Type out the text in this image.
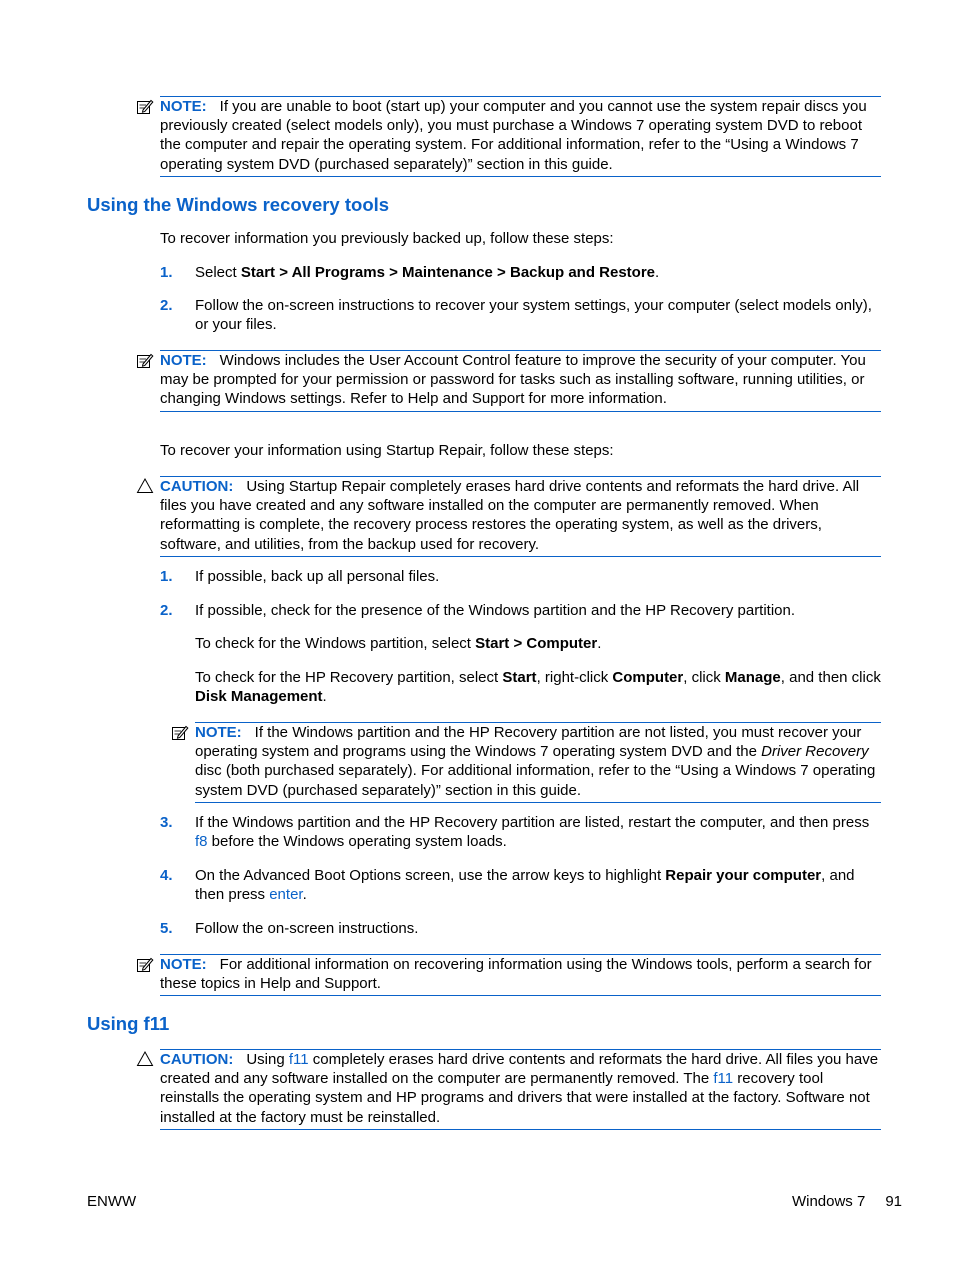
NOTE: If you are unable to boot (start up) your computer and you cannot use the system repair discs you previously created (select models only), you must purchase a Windows 7 operating system DVD to reboot the computer and repair the operating system. For additional information, refer to the “Using a Windows 7 operating system DVD (purchased separately)” section in this guide.
Using the Windows recovery tools
To recover information you previously backed up, follow these steps:
1. Select Start > All Programs > Maintenance > Backup and Restore.
2. Follow the on-screen instructions to recover your system settings, your computer (select models only), or your files.
NOTE: Windows includes the User Account Control feature to improve the security of your computer. You may be prompted for your permission or password for tasks such as installing software, running utilities, or changing Windows settings. Refer to Help and Support for more information.
To recover your information using Startup Repair, follow these steps:
CAUTION: Using Startup Repair completely erases hard drive contents and reformats the hard drive. All files you have created and any software installed on the computer are permanently removed. When reformatting is complete, the recovery process restores the operating system, as well as the drivers, software, and utilities, from the backup used for recovery.
1. If possible, back up all personal files.
2. If possible, check for the presence of the Windows partition and the HP Recovery partition.
To check for the Windows partition, select Start > Computer.
To check for the HP Recovery partition, select Start, right-click Computer, click Manage, and then click Disk Management.
NOTE: If the Windows partition and the HP Recovery partition are not listed, you must recover your operating system and programs using the Windows 7 operating system DVD and the Driver Recovery disc (both purchased separately). For additional information, refer to the “Using a Windows 7 operating system DVD (purchased separately)” section in this guide.
3. If the Windows partition and the HP Recovery partition are listed, restart the computer, and then press f8 before the Windows operating system loads.
4. On the Advanced Boot Options screen, use the arrow keys to highlight Repair your computer, and then press enter.
5. Follow the on-screen instructions.
NOTE: For additional information on recovering information using the Windows tools, perform a search for these topics in Help and Support.
Using f11
CAUTION: Using f11 completely erases hard drive contents and reformats the hard drive. All files you have created and any software installed on the computer are permanently removed. The f11 recovery tool reinstalls the operating system and HP programs and drivers that were installed at the factory. Software not installed at the factory must be reinstalled.
ENWW	Windows 7 91
